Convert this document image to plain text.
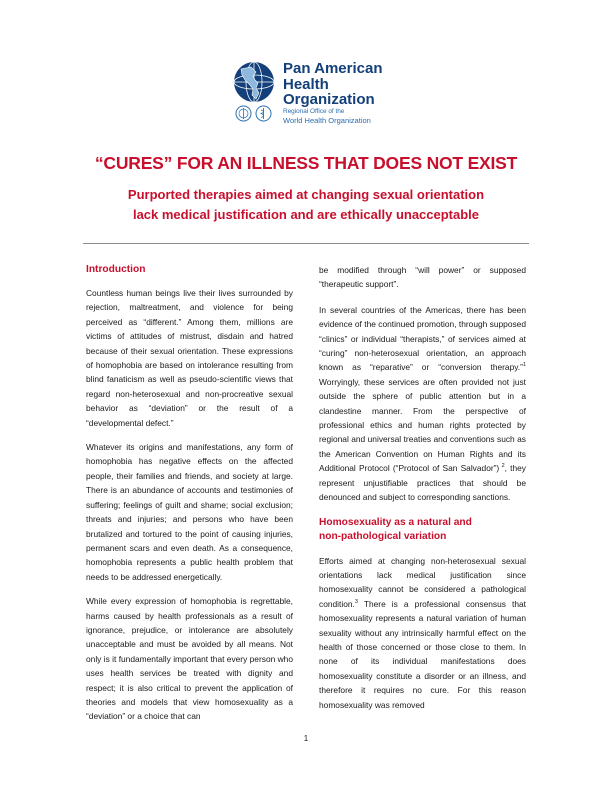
Pan American
Health
Organization
Regional Office of the
World Health Organization
“CURES” FOR AN ILLNESS THAT DOES NOT EXIST
Purported therapies aimed at changing sexual orientation
lack medical justification and are ethically unacceptable
Introduction

Countless human beings live their lives surrounded by rejection, maltreatment, and violence for being perceived as “different.” Among them, millions are victims of attitudes of mistrust, disdain and hatred because of their sexual orientation. These expressions of homophobia are based on intolerance resulting from blind fanaticism as well as pseudo-scientific views that regard non-heterosexual and non-procreative sexual behavior as “deviation” or the result of a “developmental defect.”

Whatever its origins and manifestations, any form of homophobia has negative effects on the affected people, their families and friends, and society at large. There is an abundance of accounts and testimonies of suffering; feelings of guilt and shame; social exclusion; threats and injuries; and persons who have been brutalized and tortured to the point of causing injuries, permanent scars and even death. As a consequence, homophobia represents a public health problem that needs to be addressed energetically.

While every expression of homophobia is regrettable, harms caused by health professionals as a result of ignorance, prejudice, or intolerance are absolutely unacceptable and must be avoided by all means. Not only is it fundamentally important that every person who uses health services be treated with dignity and respect; it is also critical to prevent the application of theories and models that view homosexuality as a “deviation” or a choice that can

be modified through “will power” or supposed “therapeutic support”.

In several countries of the Americas, there has been evidence of the continued promotion, through supposed “clinics” or individual “therapists,” of services aimed at “curing” non-heterosexual orientation, an approach known as “reparative” or “conversion therapy.”$^1$ Worryingly, these services are often provided not just outside the sphere of public attention but in a clandestine manner. From the perspective of professional ethics and human rights protected by regional and universal treaties and conventions such as the American Convention on Human Rights and its Additional Protocol (“Protocol of San Salvador”) $^2$, they represent unjustifiable practices that should be denounced and subject to corresponding sanctions.

Homosexuality as a natural and
non-pathological variation

Efforts aimed at changing non-heterosexual sexual orientations lack medical justification since homosexuality cannot be considered a pathological condition.$^3$ There is a professional consensus that homosexuality represents a natural variation of human sexuality without any intrinsically harmful effect on the health of those concerned or those close to them. In none of its individual manifestations does homosexuality constitute a disorder or an illness, and therefore it requires no cure. For this reason homosexuality was removed

1
